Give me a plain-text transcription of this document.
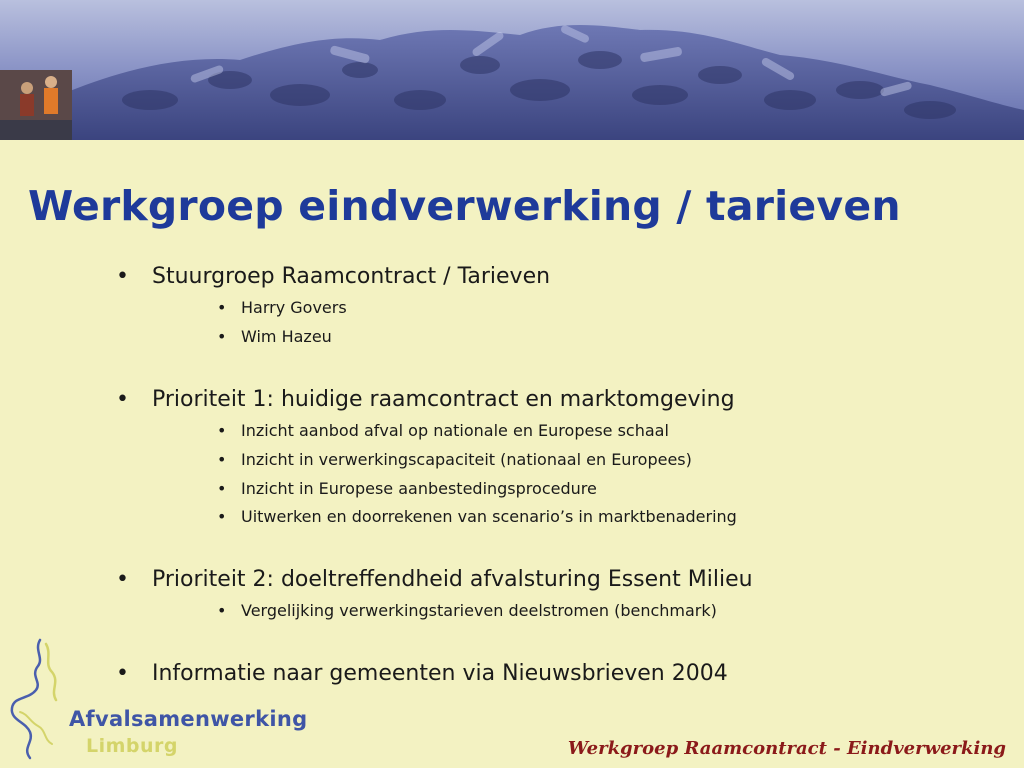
Werkgroep eindverwerking / tarieven
• Stuurgroep Raamcontract / Tarieven
• Harry Govers
• Wim Hazeu
• Prioriteit 1: huidige raamcontract en marktomgeving
• Inzicht aanbod afval op nationale en Europese schaal
• Inzicht in verwerkingscapaciteit (nationaal en Europees)
• Inzicht in Europese aanbestedingsprocedure
• Uitwerken en doorrekenen van scenario’s in marktbenadering
• Prioriteit 2: doeltreffendheid afvalsturing Essent Milieu
• Vergelijking verwerkingstarieven deelstromen (benchmark)
• Informatie naar gemeenten via Nieuwsbrieven 2004
Afvalsamenwerking
Limburg	Werkgroep Raamcontract - Eindverwerking
